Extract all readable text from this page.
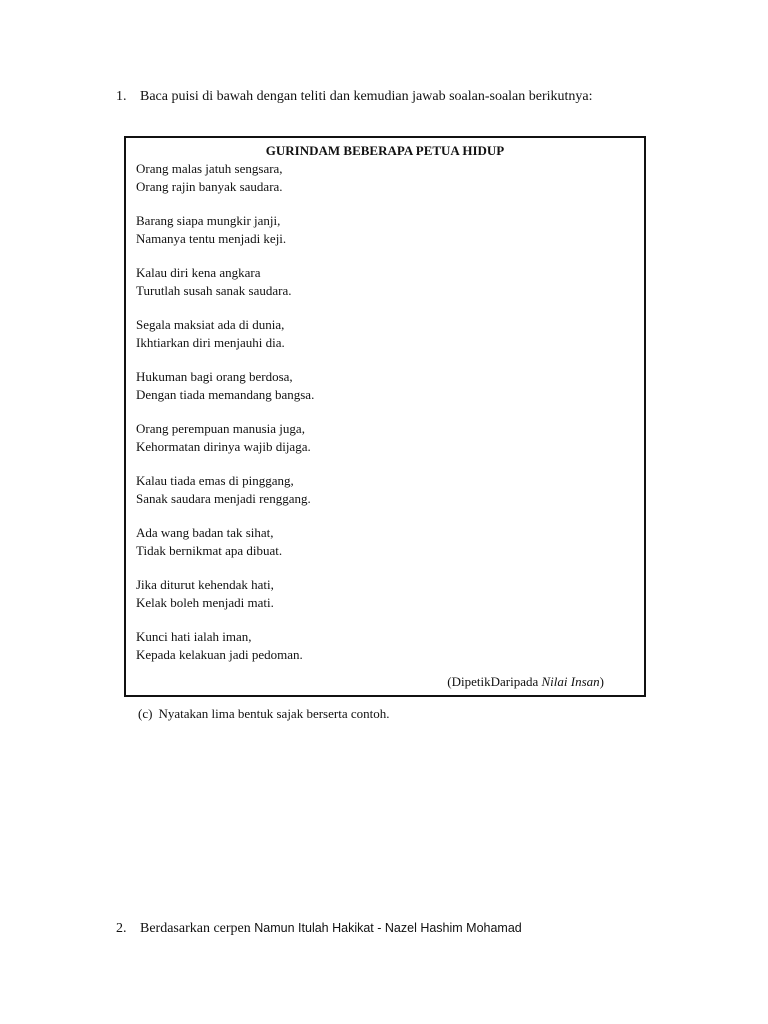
1. Baca puisi di bawah dengan teliti dan kemudian jawab soalan-soalan berikutnya:
GURINDAM BEBERAPA PETUA HIDUP
Orang malas jatuh sengsara,
Orang rajin banyak saudara.
Barang siapa mungkir janji,
Namanya tentu menjadi keji.
Kalau diri kena angkara
Turutlah susah sanak saudara.
Segala maksiat ada di dunia,
Ikhtiarkan diri menjauhi dia.
Hukuman bagi orang berdosa,
Dengan tiada memandang bangsa.
Orang perempuan manusia juga,
Kehormatan dirinya wajib dijaga.
Kalau tiada emas di pinggang,
Sanak saudara menjadi renggang.
Ada wang badan tak sihat,
Tidak bernikmat apa dibuat.
Jika diturut kehendak hati,
Kelak boleh menjadi mati.
Kunci hati ialah iman,
Kepada kelakuan jadi pedoman.
(DipetikDaripada Nilai Insan)
(c) Nyatakan lima bentuk sajak berserta contoh.
2. Berdasarkan cerpen Namun Itulah Hakikat - Nazel Hashim Mohamad
